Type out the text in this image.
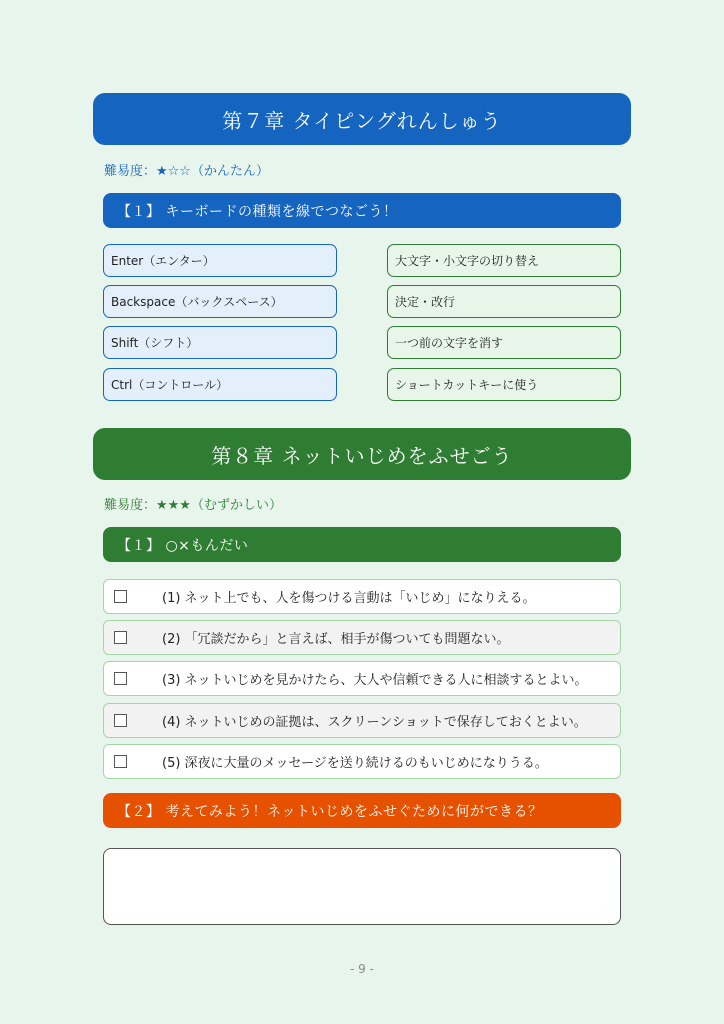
第７章 タイピングれんしゅう
難易度：★☆☆（かんたん）
【１】 キーボードの種類を線でつなごう！
Enter（エンター）
Backspace（バックスペース）
Shift（シフト）
Ctrl（コントロール）
大文字・小文字の切り替え
決定・改行
一つ前の文字を消す
ショートカットキーに使う
第８章 ネットいじめをふせごう
難易度：★★★（むずかしい）
【１】 ○×もんだい
(1) ネット上でも、人を傷つける言動は「いじめ」になりえる。
(2) 「冗談だから」と言えば、相手が傷ついても問題ない。
(3) ネットいじめを見かけたら、大人や信頼できる人に相談するとよい。
(4) ネットいじめの証拠は、スクリーンショットで保存しておくとよい。
(5) 深夜に大量のメッセージを送り続けるのもいじめになりうる。
【２】 考えてみよう！ネットいじめをふせぐために何ができる？
- 9 -
